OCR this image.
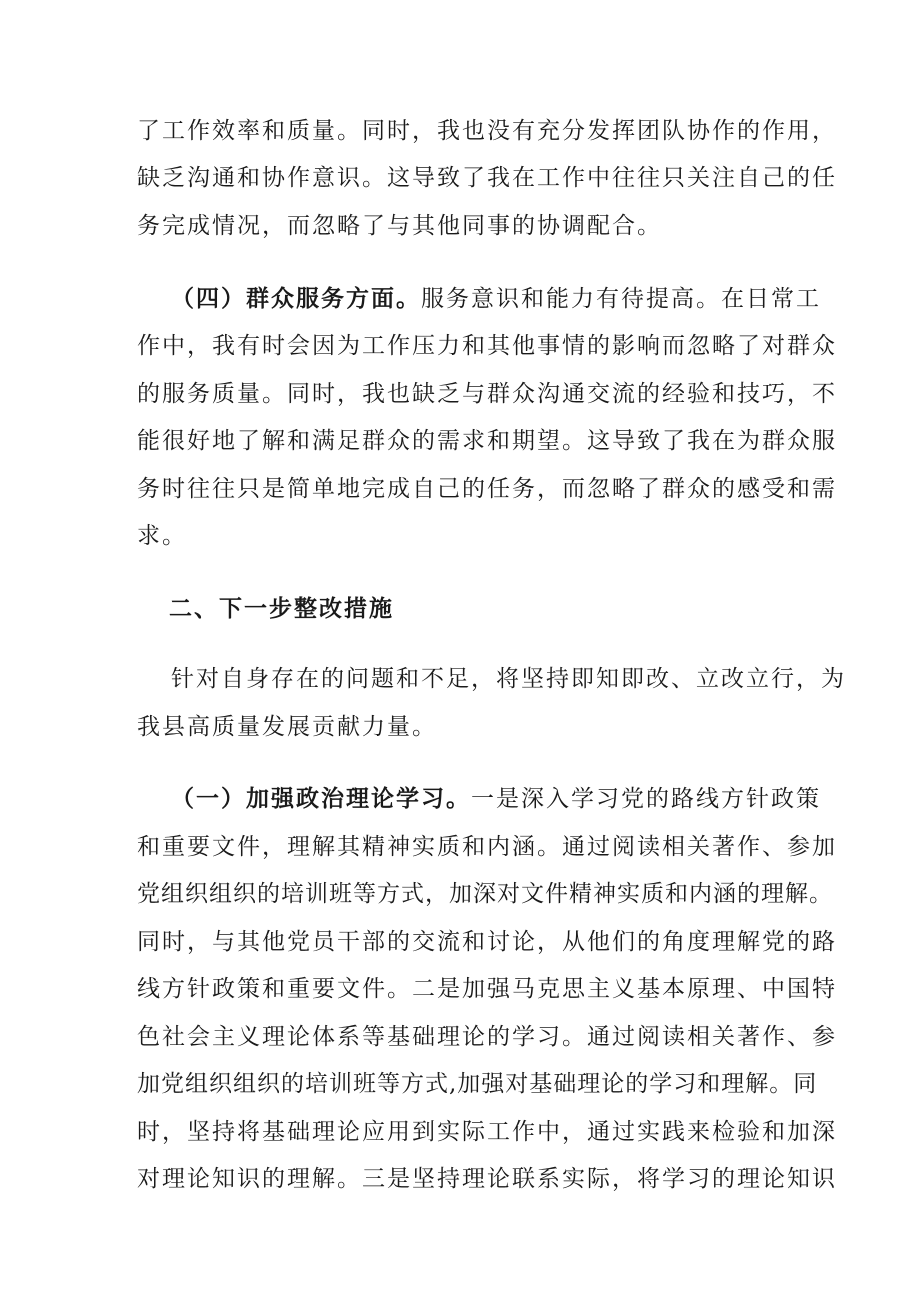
了工作效率和质量。同时，我也没有充分发挥团队协作的作用，
缺乏沟通和协作意识。这导致了我在工作中往往只关注自己的任
务完成情况，而忽略了与其他同事的协调配合。
（四）群众服务方面。服务意识和能力有待提高。在日常工
作中，我有时会因为工作压力和其他事情的影响而忽略了对群众
的服务质量。同时，我也缺乏与群众沟通交流的经验和技巧，不
能很好地了解和满足群众的需求和期望。这导致了我在为群众服
务时往往只是简单地完成自己的任务，而忽略了群众的感受和需
求。
二、下一步整改措施
针对自身存在的问题和不足，将坚持即知即改、立改立行，为
我县高质量发展贡献力量。
（一）加强政治理论学习。一是深入学习党的路线方针政策
和重要文件，理解其精神实质和内涵。通过阅读相关著作、参加
党组织组织的培训班等方式，加深对文件精神实质和内涵的理解。
同时，与其他党员干部的交流和讨论，从他们的角度理解党的路
线方针政策和重要文件。二是加强马克思主义基本原理、中国特
色社会主义理论体系等基础理论的学习。通过阅读相关著作、参
加党组织组织的培训班等方式,加强对基础理论的学习和理解。同
时，坚持将基础理论应用到实际工作中，通过实践来检验和加深
对理论知识的理解。三是坚持理论联系实际，将学习的理论知识
